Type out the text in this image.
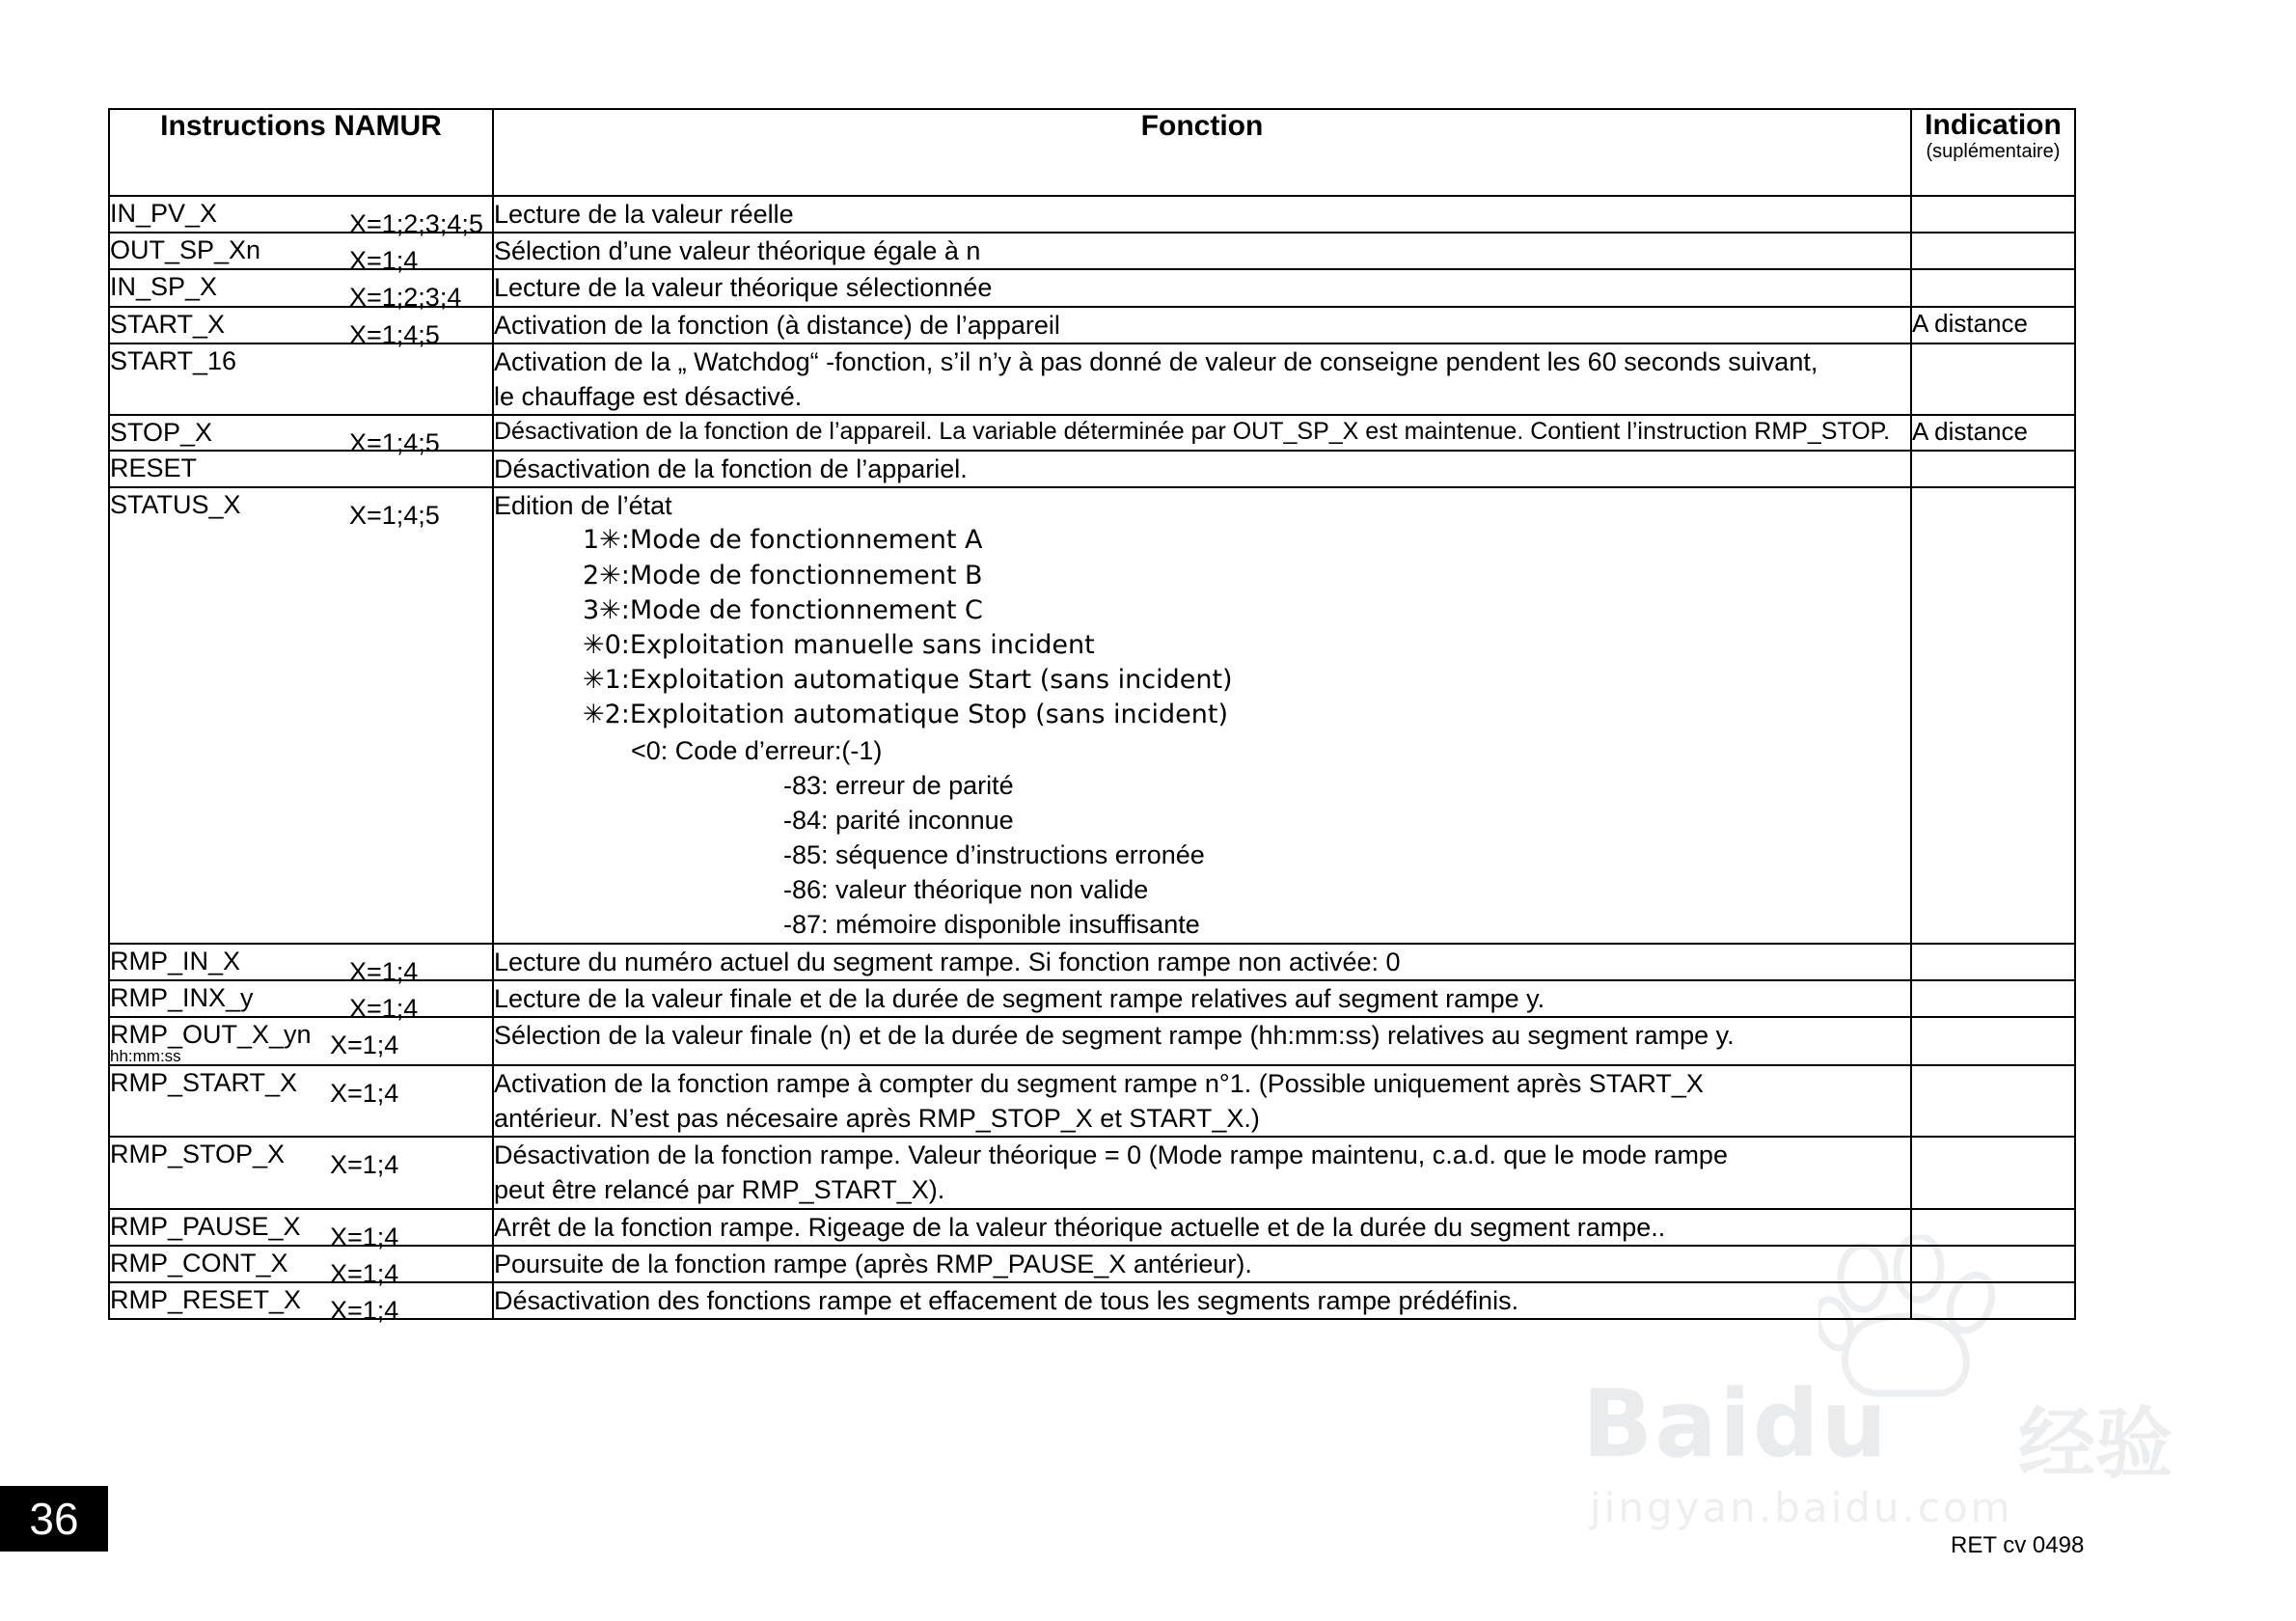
Baidu 经验
jingyan.baidu.com
Instructions NAMUR	Fonction	Indication
(suplémentaire)

IN_PV_X X=1;2;3;4;5	Lecture de la valeur réelle	

OUT_SP_Xn X=1;4	Sélection d’une valeur théorique égale à n	

IN_SP_X X=1;2;3;4	Lecture de la valeur théorique sélectionnée	

START_X X=1;4;5	Activation de la fonction (à distance) de l’appareil	A distance
START_16	Activation de la „ Watchdog“ -fonction, s’il n’y à pas donné de valeur de conseigne pendent les 60 seconds suivant,
le chauffage est désactivé.	

STOP_X X=1;4;5	Désactivation de la fonction de l’appareil. La variable déterminée par OUT_SP_X est maintenue. Contient l’instruction RMP_STOP.	A distance
RESET	Désactivation de la fonction de l’appariel.	

STATUS_X	X=1;4;5	Edition de l’état
1✳:Mode de fonctionnement A
2✳:Mode de fonctionnement B
3✳:Mode de fonctionnement C
✳0:Exploitation manuelle sans incident
✳1:Exploitation automatique Start (sans incident)
✳2:Exploitation automatique Stop (sans incident)
<0: Code d’erreur:(-1)
-83: erreur de parité
-84: parité inconnue
-85: séquence d’instructions erronée
-86: valeur théorique non valide
-87: mémoire disponible insuffisante

RMP_IN_X X=1;4	Lecture du numéro actuel du segment rampe. Si fonction rampe non activée: 0	

RMP_INX_y X=1;4	Lecture de la valeur finale et de la durée de segment rampe relatives auf segment rampe y.	

RMP_OUT_X_yn
hh:mm:ss X=1;4	Sélection de la valeur finale (n) et de la durée de segment rampe (hh:mm:ss) relatives au segment rampe y.	

RMP_START_X X=1;4	Activation de la fonction rampe à compter du segment rampe n°1. (Possible uniquement après START_X
antérieur. N’est pas nécesaire après RMP_STOP_X et START_X.)	

RMP_STOP_X X=1;4	Désactivation de la fonction rampe. Valeur théorique = 0 (Mode rampe maintenu, c.a.d. que le mode rampe
peut être relancé par RMP_START_X).	

RMP_PAUSE_X X=1;4	Arrêt de la fonction rampe. Rigeage de la valeur théorique actuelle et de la durée du segment rampe..	

RMP_CONT_X X=1;4	Poursuite de la fonction rampe (après RMP_PAUSE_X antérieur).	

RMP_RESET_X X=1;4	Désactivation des fonctions rampe et effacement de tous les segments rampe prédéfinis.	

36
RET cv 0498
